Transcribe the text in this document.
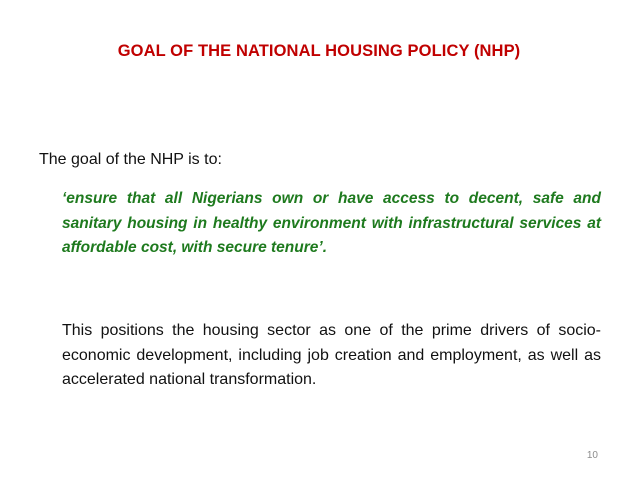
GOAL OF THE NATIONAL HOUSING POLICY (NHP)
The goal of the NHP is to:
‘ensure that all Nigerians own or have access to decent, safe and sanitary housing in healthy environment with infrastructural services at affordable cost, with secure tenure’.
This positions the housing sector as one of the prime drivers of socio-economic development, including job creation and employment, as well as accelerated national transformation.
10
